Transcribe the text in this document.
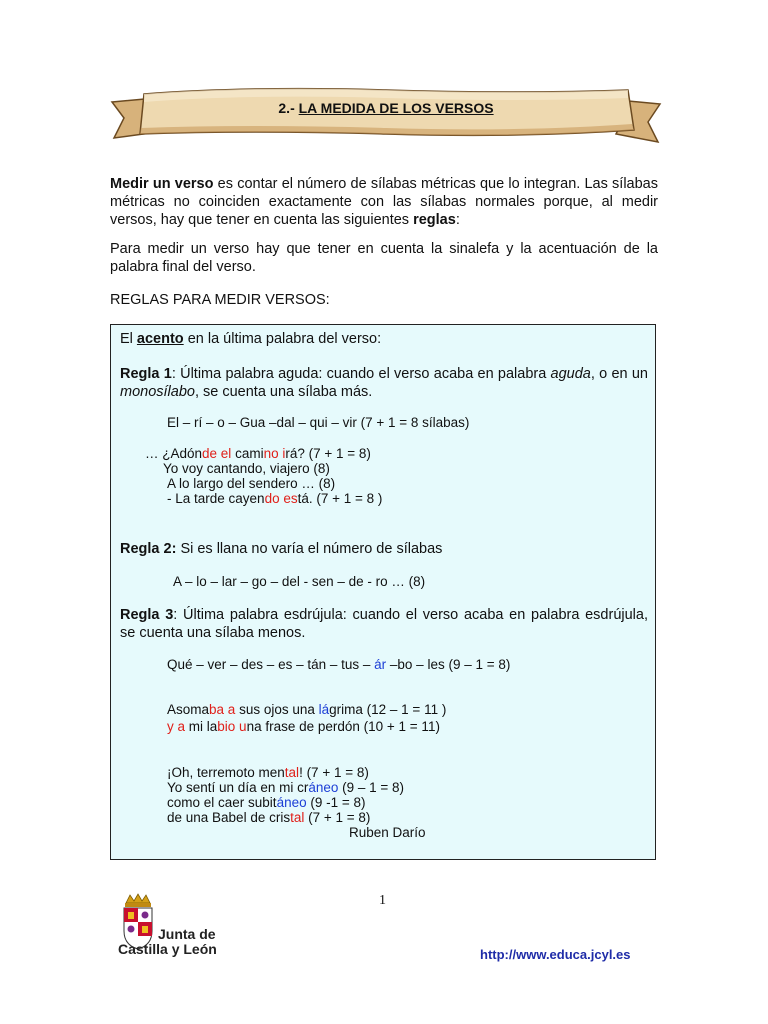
2.- LA MEDIDA DE LOS VERSOS
Medir un verso es contar el número de sílabas métricas que lo integran. Las sílabas métricas no coinciden exactamente con las sílabas normales porque, al medir versos, hay que tener en cuenta las siguientes reglas:
Para medir un verso hay que tener en cuenta la sinalefa y la acentuación de la palabra final del verso.
REGLAS PARA MEDIR VERSOS:
El acento en la última palabra del verso:
Regla 1: Última palabra aguda: cuando el verso acaba en palabra aguda, o en un monosílabo, se cuenta una sílaba más.
El – rí – o – Gua –dal – qui – vir (7 + 1 = 8 sílabas)
… ¿Adónde el camino irá? (7 + 1 = 8)
Yo voy cantando, viajero (8)
A lo largo del sendero … (8)
- La tarde cayendo está. (7 + 1 = 8 )
Regla 2: Si es llana no varía el número de sílabas
A – lo – lar – go – del - sen – de - ro … (8)
Regla 3: Última palabra esdrújula: cuando el verso acaba en palabra esdrújula, se cuenta una sílaba menos.
Qué – ver – des – es – tán – tus – ár –bo – les (9 – 1 = 8)
Asomaba a sus ojos una lágrima (12 – 1 = 11 )
y a mi labio una frase de perdón (10 + 1 = 11)
¡Oh, terremoto mental! (7 + 1 = 8)
Yo sentí un día en mi cráneo (9 – 1 = 8)
como el caer subitáneo (9 -1 = 8)
de una Babel de cristal (7 + 1 = 8)
Ruben Darío
1
Junta de
Castilla y León	http://www.educa.jcyl.es
